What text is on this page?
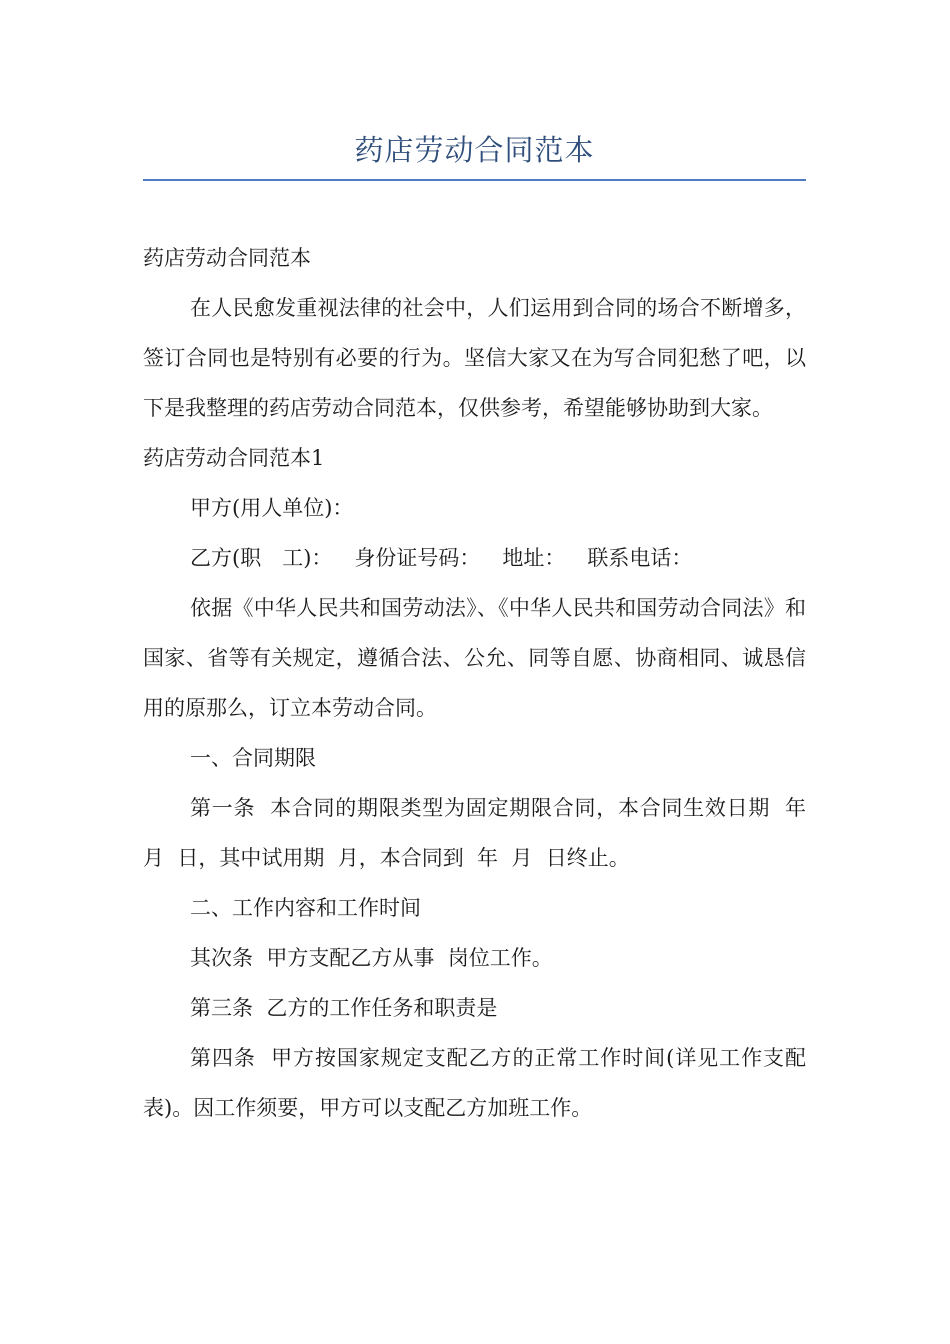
药店劳动合同范本

药店劳动合同范本

在人民愈发重视法律的社会中，人们运用到合同的场合不断增多，签订合同也是特别有必要的行为。坚信大家又在为写合同犯愁了吧，以下是我整理的药店劳动合同范本，仅供参考，希望能够协助到大家。

药店劳动合同范本1

甲方(用人单位)：

乙方(职　工)： 身份证号码： 地址： 联系电话：

依据《中华人民共和国劳动法》、《中华人民共和国劳动合同法》和国家、省等有关规定，遵循合法、公允、同等自愿、协商相同、诚恳信用的原那么，订立本劳动合同。

一、合同期限

第一条  本合同的期限类型为固定期限合同，本合同生效日期  年  月  日，其中试用期  月，本合同到  年  月  日终止。

二、工作内容和工作时间

其次条  甲方支配乙方从事  岗位工作。

第三条  乙方的工作任务和职责是

第四条  甲方按国家规定支配乙方的正常工作时间(详见工作支配表)。因工作须要，甲方可以支配乙方加班工作。
